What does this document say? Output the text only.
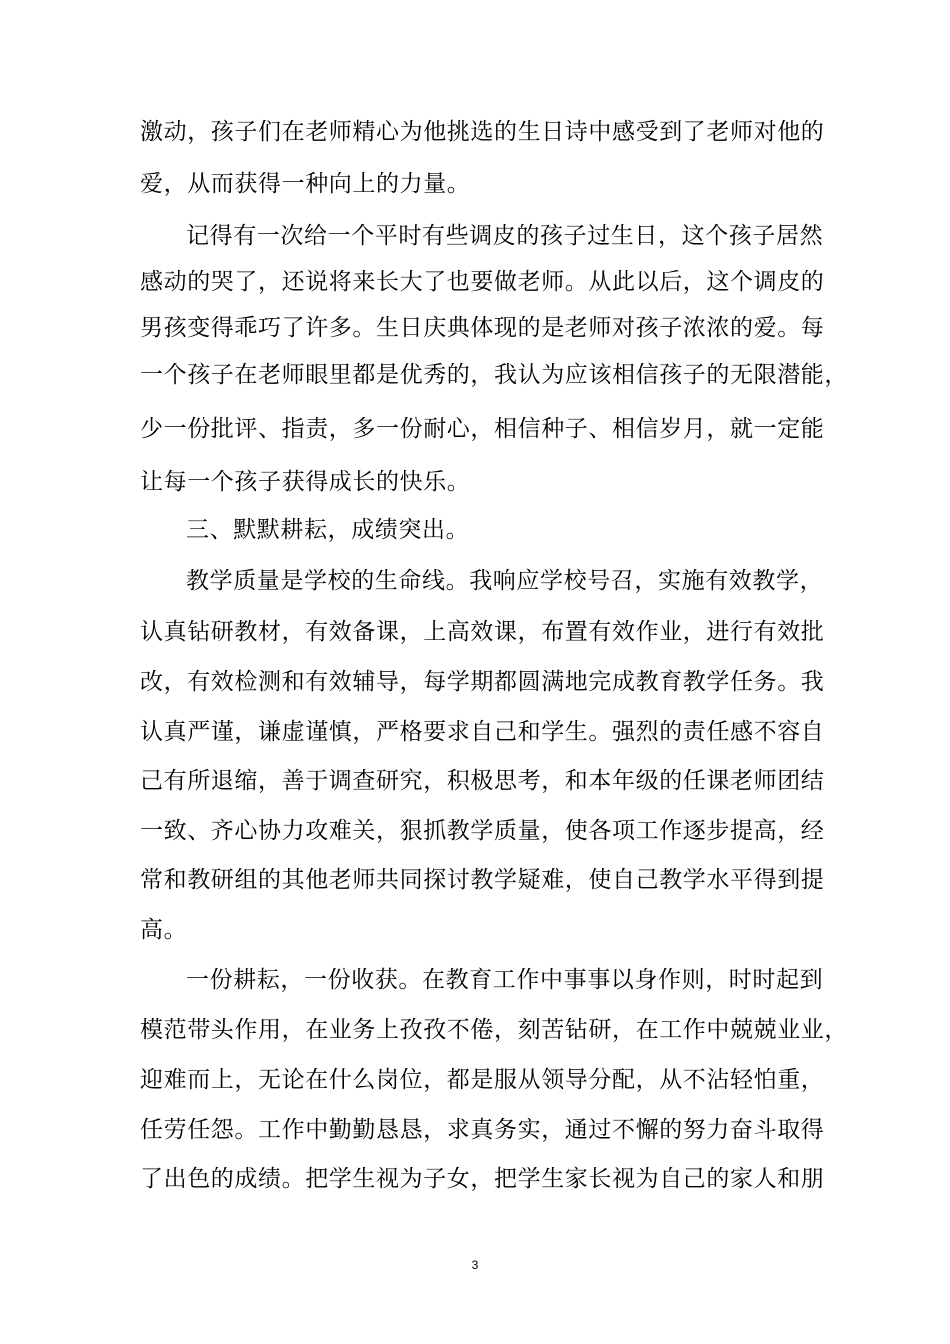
激动，孩子们在老师精心为他挑选的生日诗中感受到了老师对他的
爱，从而获得一种向上的力量。
记得有一次给一个平时有些调皮的孩子过生日，这个孩子居然
感动的哭了，还说将来长大了也要做老师。从此以后，这个调皮的
男孩变得乖巧了许多。生日庆典体现的是老师对孩子浓浓的爱。每
一个孩子在老师眼里都是优秀的，我认为应该相信孩子的无限潜能，
少一份批评、指责，多一份耐心，相信种子、相信岁月，就一定能
让每一个孩子获得成长的快乐。
三、默默耕耘，成绩突出。
教学质量是学校的生命线。我响应学校号召，实施有效教学，
认真钻研教材，有效备课，上高效课，布置有效作业，进行有效批
改，有效检测和有效辅导，每学期都圆满地完成教育教学任务。我
认真严谨，谦虚谨慎，严格要求自己和学生。强烈的责任感不容自
己有所退缩，善于调查研究，积极思考，和本年级的任课老师团结
一致、齐心协力攻难关，狠抓教学质量，使各项工作逐步提高，经
常和教研组的其他老师共同探讨教学疑难，使自己教学水平得到提
高。
一份耕耘，一份收获。在教育工作中事事以身作则，时时起到
模范带头作用，在业务上孜孜不倦，刻苦钻研，在工作中兢兢业业，
迎难而上，无论在什么岗位，都是服从领导分配，从不沾轻怕重，
任劳任怨。工作中勤勤恳恳，求真务实，通过不懈的努力奋斗取得
了出色的成绩。把学生视为子女，把学生家长视为自己的家人和朋
3
